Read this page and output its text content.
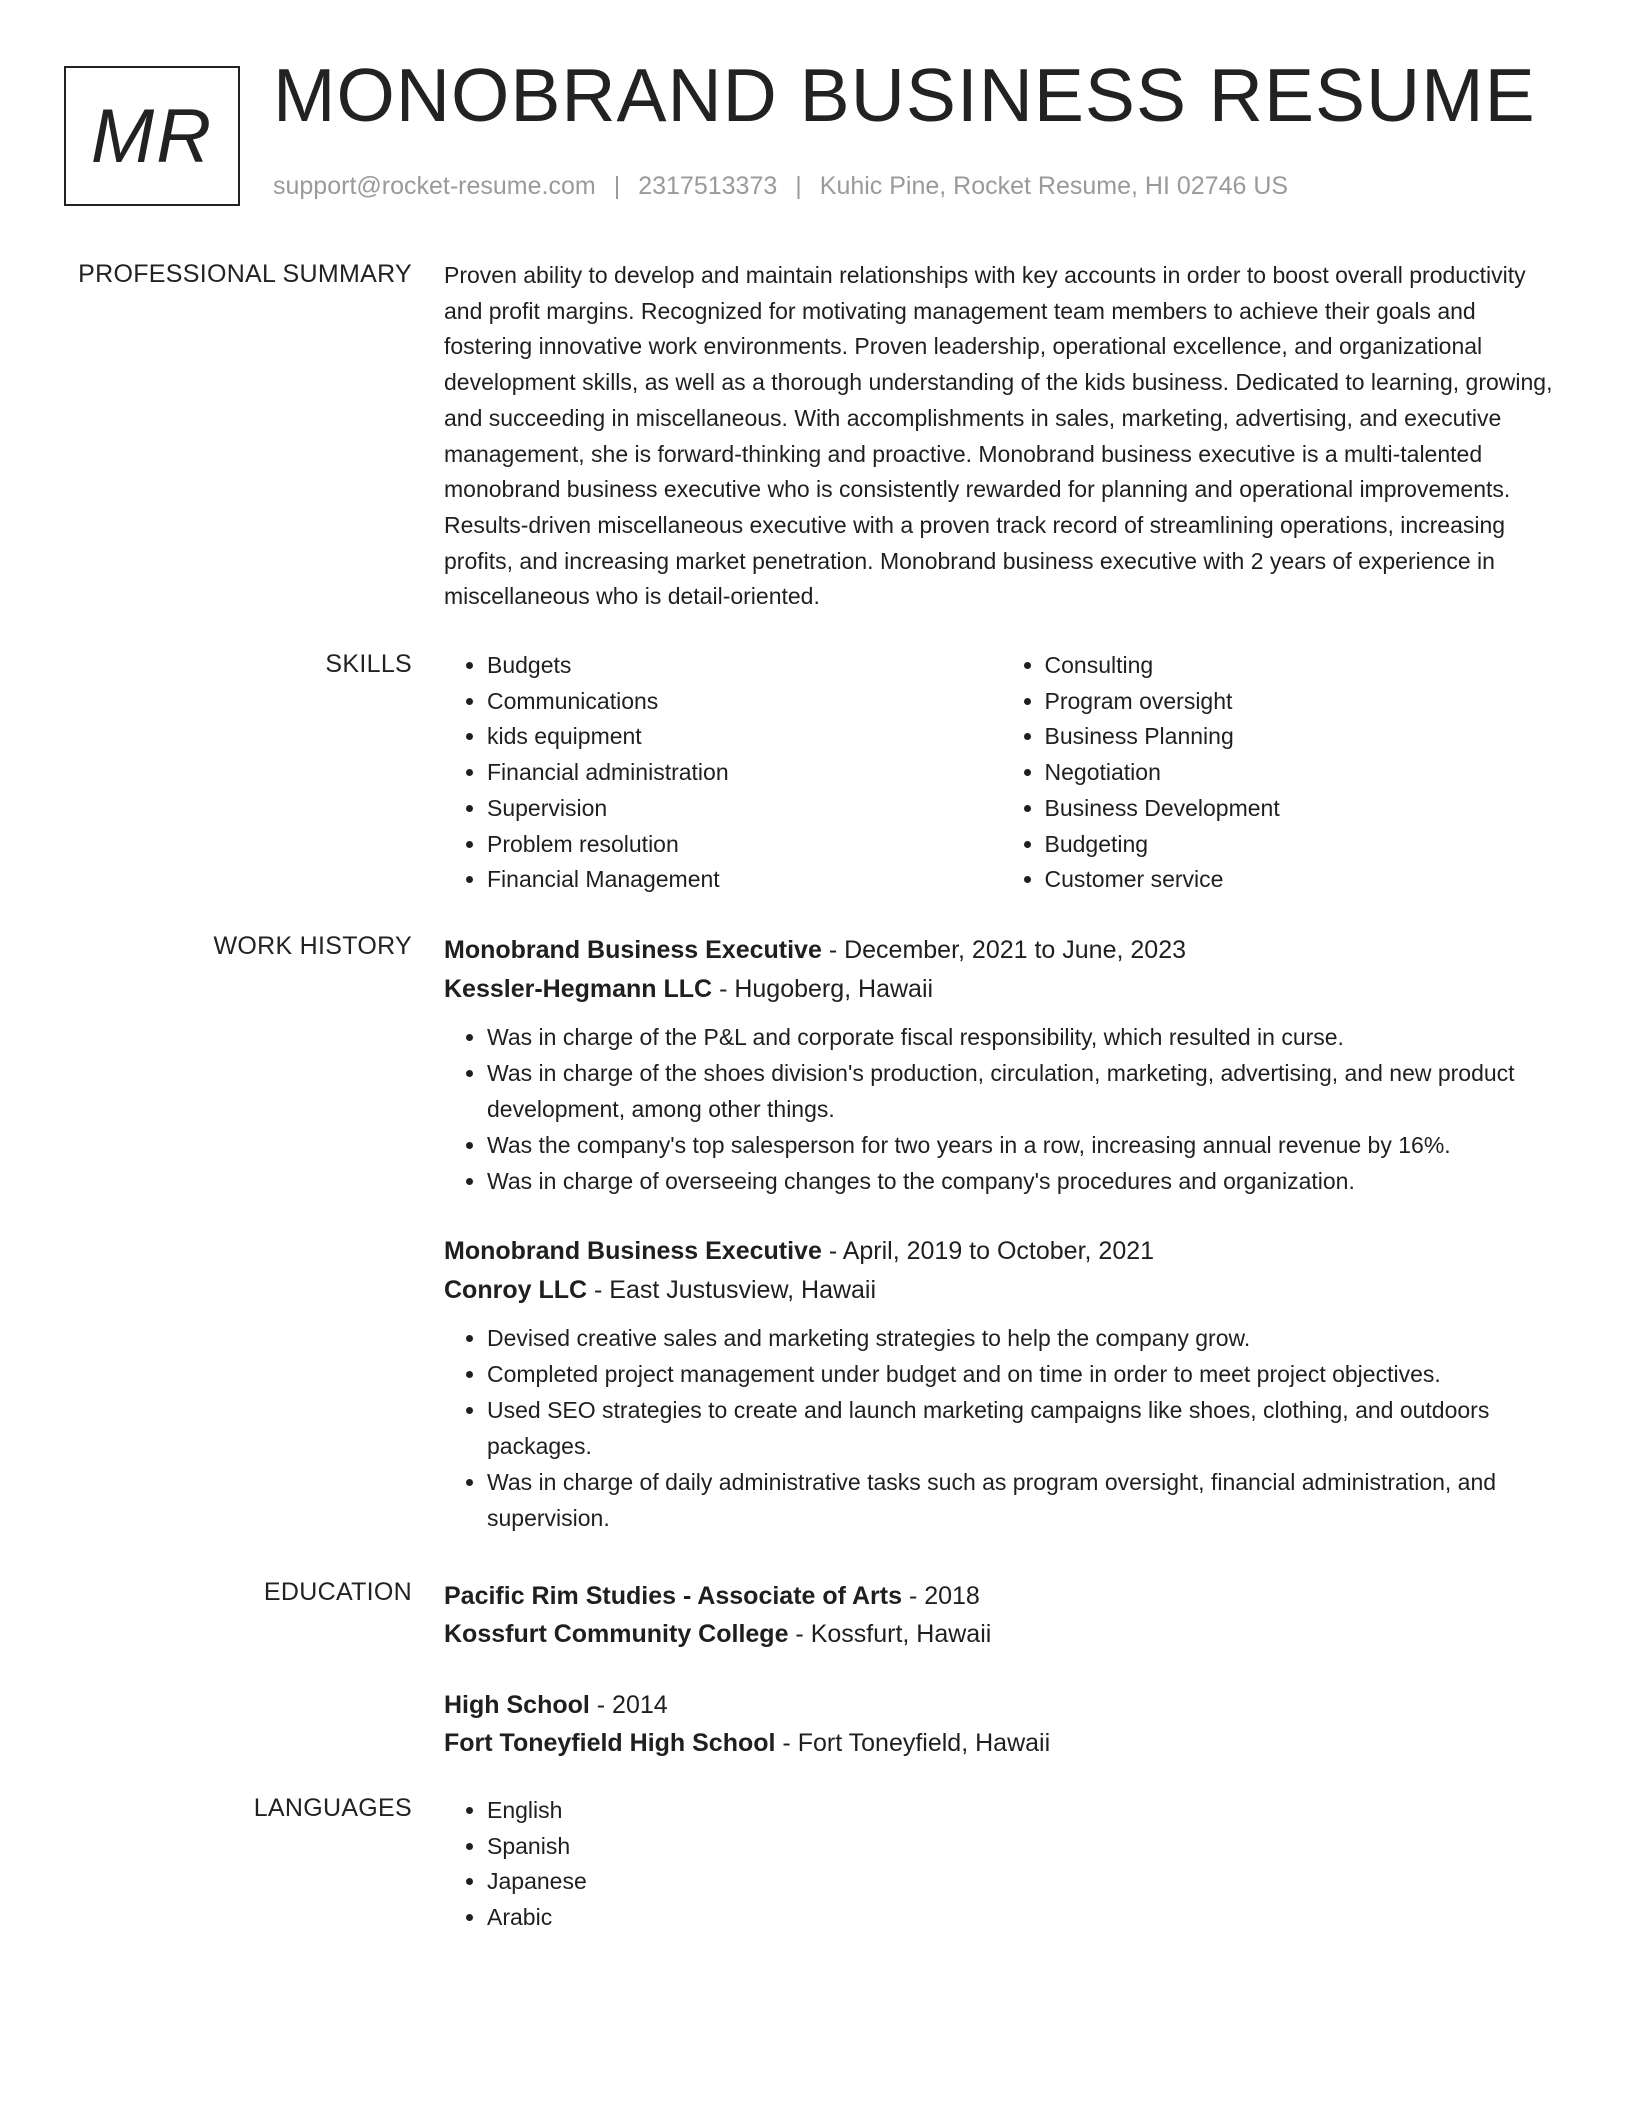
MR MONOBRAND BUSINESS RESUME
support@rocket-resume.com | 2317513373 | Kuhic Pine, Rocket Resume, HI 02746 US
PROFESSIONAL SUMMARY Proven ability to develop and maintain relationships with key accounts in order to boost overall productivity and profit margins. Recognized for motivating management team members to achieve their goals and fostering innovative work environments. Proven leadership, operational excellence, and organizational development skills, as well as a thorough understanding of the kids business. Dedicated to learning, growing, and succeeding in miscellaneous. With accomplishments in sales, marketing, advertising, and executive management, she is forward-thinking and proactive. Monobrand business executive is a multi-talented monobrand business executive who is consistently rewarded for planning and operational improvements. Results-driven miscellaneous executive with a proven track record of streamlining operations, increasing profits, and increasing market penetration. Monobrand business executive with 2 years of experience in miscellaneous who is detail-oriented.
SKILLS	• Budgets
• Communications
• kids equipment
• Financial administration
• Supervision
• Problem resolution
• Financial Management
• Consulting
• Program oversight
• Business Planning
• Negotiation
• Business Development
• Budgeting
• Customer service
WORK HISTORY Monobrand Business Executive - December, 2021 to June, 2023
Kessler-Hegmann LLC - Hugoberg, Hawaii
• Was in charge of the P&L and corporate fiscal responsibility, which resulted in curse.
• Was in charge of the shoes division's production, circulation, marketing, advertising, and new product development, among other things.
• Was the company's top salesperson for two years in a row, increasing annual revenue by 16%.
• Was in charge of overseeing changes to the company's procedures and organization.
Monobrand Business Executive - April, 2019 to October, 2021
Conroy LLC - East Justusview, Hawaii
• Devised creative sales and marketing strategies to help the company grow.
• Completed project management under budget and on time in order to meet project objectives.
• Used SEO strategies to create and launch marketing campaigns like shoes, clothing, and outdoors packages.
• Was in charge of daily administrative tasks such as program oversight, financial administration, and supervision.
EDUCATION Pacific Rim Studies - Associate of Arts - 2018
Kossfurt Community College - Kossfurt, Hawaii
High School - 2014
Fort Toneyfield High School - Fort Toneyfield, Hawaii
LANGUAGES	• English
• Spanish
• Japanese
• Arabic
